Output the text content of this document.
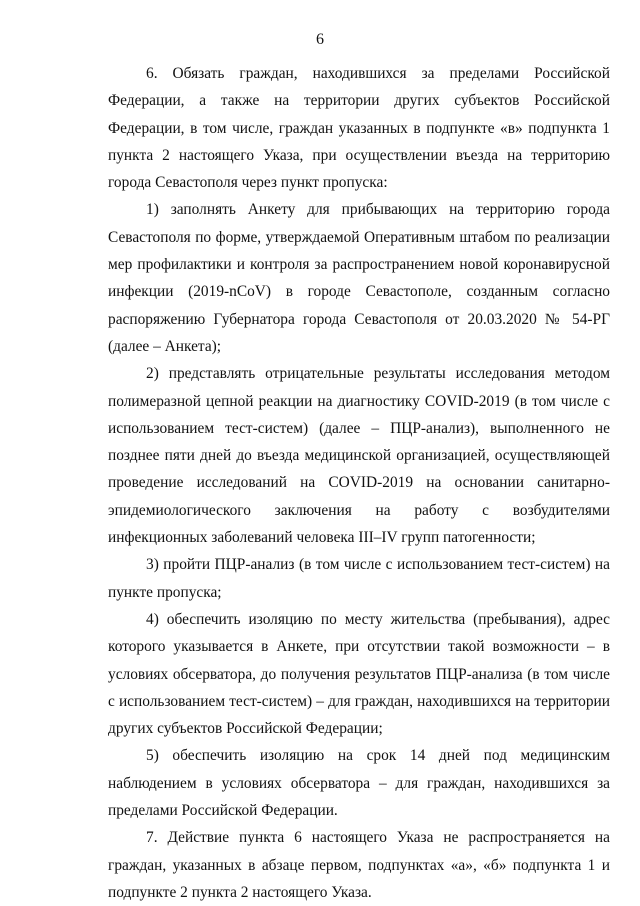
6

6. Обязать граждан, находившихся за пределами Российской Федерации, а также на территории других субъектов Российской Федерации, в том числе, граждан указанных в подпункте «в» подпункта 1 пункта 2 настоящего Указа, при осуществлении въезда на территорию города Севастополя через пункт пропуска:

1) заполнять Анкету для прибывающих на территорию города Севастополя по форме, утверждаемой Оперативным штабом по реализации мер профилактики и контроля за распространением новой коронавирусной инфекции (2019-nCoV) в городе Севастополе, созданным согласно распоряжению Губернатора города Севастополя от 20.03.2020 № 54-РГ (далее – Анкета);

2) представлять отрицательные результаты исследования методом полимеразной цепной реакции на диагностику COVID-2019 (в том числе с использованием тест-систем) (далее – ПЦР-анализ), выполненного не позднее пяти дней до въезда медицинской организацией, осуществляющей проведение исследований на COVID-2019 на основании санитарно-эпидемиологического заключения на работу с возбудителями инфекционных заболеваний человека III–IV групп патогенности;

3) пройти ПЦР-анализ (в том числе с использованием тест-систем) на пункте пропуска;

4) обеспечить изоляцию по месту жительства (пребывания), адрес которого указывается в Анкете, при отсутствии такой возможности – в условиях обсерватора, до получения результатов ПЦР-анализа (в том числе с использованием тест-систем) – для граждан, находившихся на территории других субъектов Российской Федерации;

5) обеспечить изоляцию на срок 14 дней под медицинским наблюдением в условиях обсерватора – для граждан, находившихся за пределами Российской Федерации.

7. Действие пункта 6 настоящего Указа не распространяется на граждан, указанных в абзаце первом, подпунктах «а», «б» подпункта 1 и подпункте 2 пункта 2 настоящего Указа.
